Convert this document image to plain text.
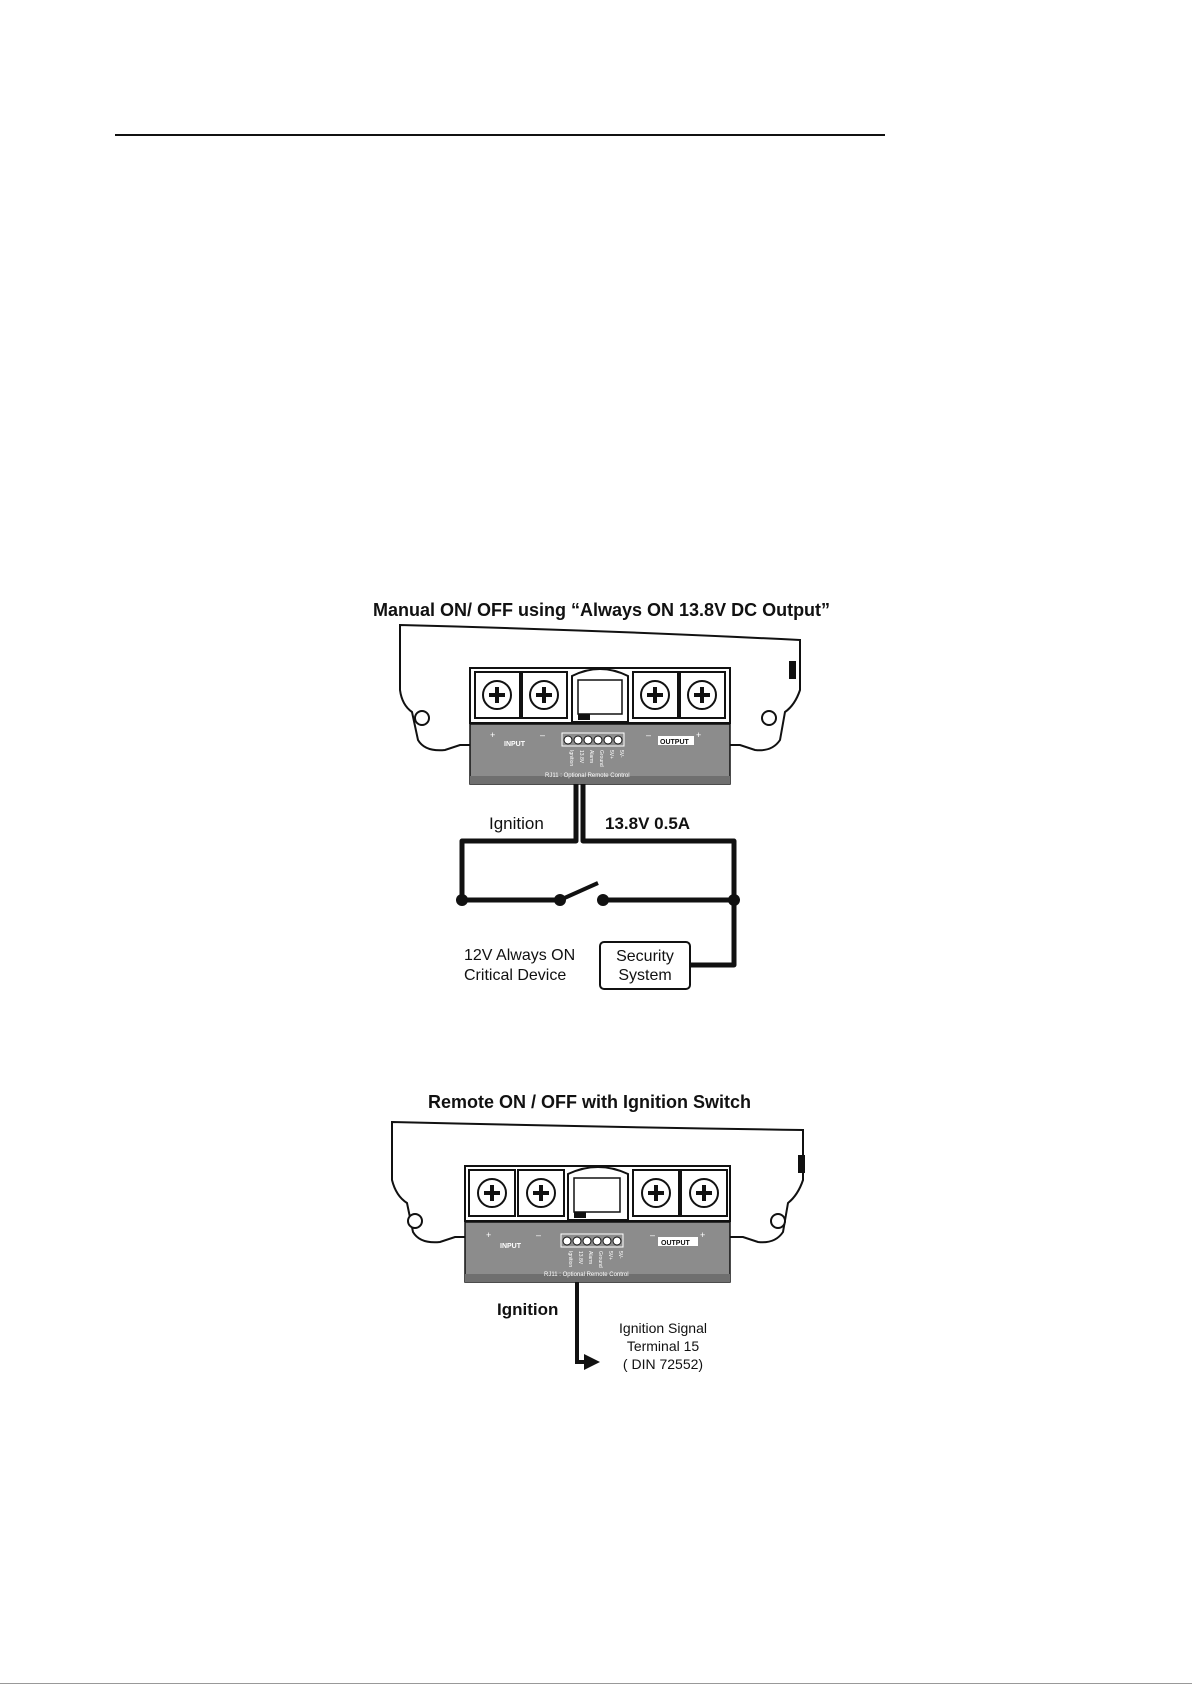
Manual ON/ OFF using “Always ON 13.8V DC Output”
+	–
INPUT	OUTPUT
–	+
Ignition 13.8V Alarm Ground 5V+ 5V-
RJ11 : Optional Remote Control
Ignition	13.8V 0.5A
12V Always ON
Critical Device
Security
System
Remote ON / OFF with Ignition Switch
+	–
INPUT	OUTPUT
–	+
Ignition 13.8V Alarm Ground 5V+ 5V-
RJ11 : Optional Remote Control
Ignition
Ignition Signal
Terminal 15
( DIN 72552)
